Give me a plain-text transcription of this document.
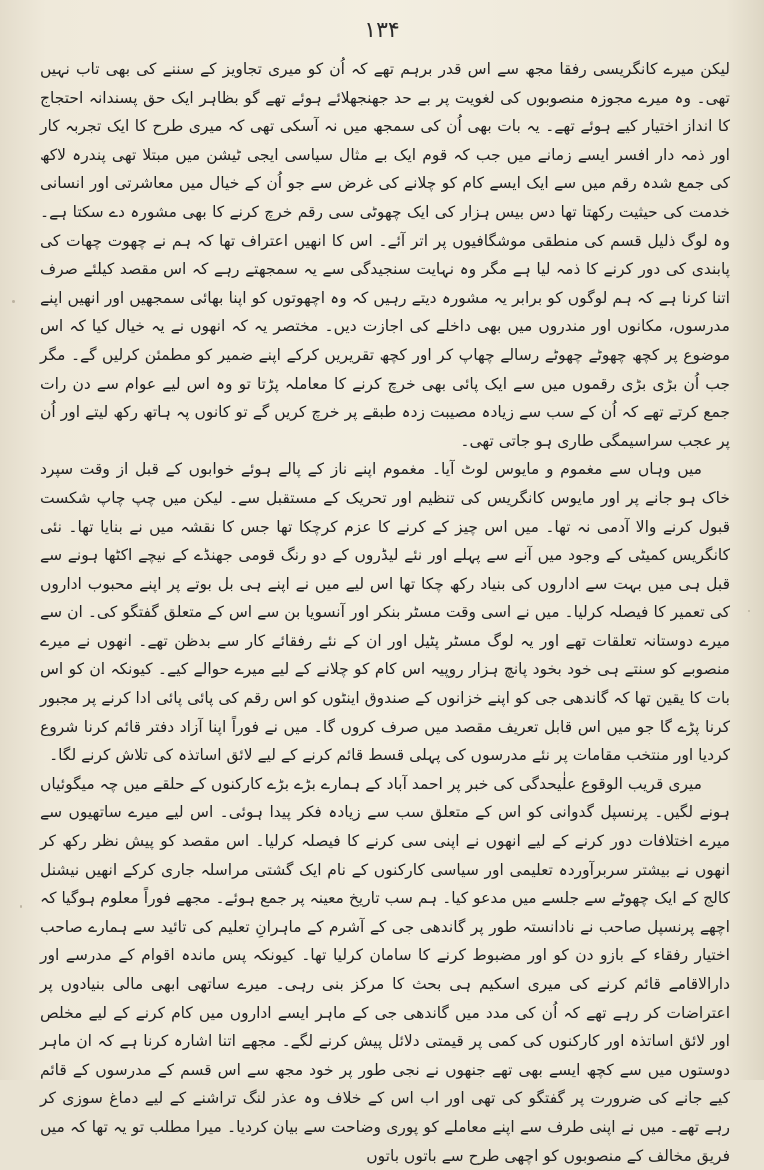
۱۳۴

لیکن میرے کانگریسی رفقا مجھ سے اس قدر برہم تھے کہ اُن کو میری تجاویز کے سننے کی بھی تاب نہیں تھی۔ وہ میرے مجوزہ منصوبوں کی لغویت پر بے حد جھنجھلائے ہوئے تھے گو بظاہر ایک حق پسندانہ احتجاج کا انداز اختیار کیے ہوئے تھے۔ یہ بات بھی اُن کی سمجھ میں نہ آسکی تھی کہ میری طرح کا ایک تجربہ کار اور ذمہ دار افسر ایسے زمانے میں جب کہ قوم ایک بے مثال سیاسی ایجی ٹیشن میں مبتلا تھی پندرہ لاکھ کی جمع شدہ رقم میں سے ایک ایسے کام کو چلانے کی غرض سے جو اُن کے خیال میں معاشرتی اور انسانی خدمت کی حیثیت رکھتا تھا دس بیس ہزار کی ایک چھوٹی سی رقم خرچ کرنے کا بھی مشورہ دے سکتا ہے۔ وہ لوگ ذلیل قسم کی منطقی موشگافیوں پر اتر آئے۔ اس کا انھیں اعتراف تھا کہ ہم نے چھوت چھات کی پابندی کی دور کرنے کا ذمہ لیا ہے مگر وہ نہایت سنجیدگی سے یہ سمجھتے رہے کہ اس مقصد کیلئے صرف اتنا کرنا ہے کہ ہم لوگوں کو برابر یہ مشورہ دیتے رہیں کہ وہ اچھوتوں کو اپنا بھائی سمجھیں اور انھیں اپنے مدرسوں، مکانوں اور مندروں میں بھی داخلے کی اجازت دیں۔ مختصر یہ کہ انھوں نے یہ خیال کیا کہ اس موضوع پر کچھ چھوٹے چھوٹے رسالے چھاپ کر اور کچھ تقریریں کرکے اپنے ضمیر کو مطمئن کرلیں گے۔ مگر جب اُن بڑی بڑی رقموں میں سے ایک پائی بھی خرچ کرنے کا معاملہ پڑتا تو وہ اس لیے عوام سے دن رات جمع کرتے تھے کہ اُن کے سب سے زیادہ مصیبت زدہ طبقے پر خرچ کریں گے تو کانوں پہ ہاتھ رکھ لیتے اور اُن پر عجب سراسیمگی طاری ہو جاتی تھی۔

میں وہاں سے مغموم و مایوس لوٹ آیا۔ مغموم اپنے ناز کے پالے ہوئے خوابوں کے قبل از وقت سپرد خاک ہو جانے پر اور مایوس کانگریس کی تنظیم اور تحریک کے مستقبل سے۔ لیکن میں چپ چاپ شکست قبول کرنے والا آدمی نہ تھا۔ میں اس چیز کے کرنے کا عزم کرچکا تھا جس کا نقشہ میں نے بنایا تھا۔ نئی کانگریس کمیٹی کے وجود میں آنے سے پہلے اور نئے لیڈروں کے دو رنگ قومی جھنڈے کے نیچے اکٹھا ہونے سے قبل ہی میں بہت سے اداروں کی بنیاد رکھ چکا تھا اس لیے میں نے اپنے ہی بل بوتے پر اپنے محبوب اداروں کی تعمیر کا فیصلہ کرلیا۔ میں نے اسی وقت مسٹر بنکر اور آنسویا بن سے اس کے متعلق گفتگو کی۔ ان سے میرے دوستانہ تعلقات تھے اور یہ لوگ مسٹر پٹیل اور ان کے نئے رفقائے کار سے بدظن تھے۔ انھوں نے میرے منصوبے کو سنتے ہی خود بخود پانچ ہزار روپیہ اس کام کو چلانے کے لیے میرے حوالے کیے۔ کیونکہ ان کو اس بات کا یقین تھا کہ گاندھی جی کو اپنے خزانوں کے صندوق اینٹوں کو اس رقم کی پائی پائی ادا کرنے پر مجبور کرنا پڑے گا جو میں اس قابل تعریف مقصد میں صرف کروں گا۔ میں نے فوراً اپنا آزاد دفتر قائم کرنا شروع کردیا اور منتخب مقامات پر نئے مدرسوں کی پہلی قسط قائم کرنے کے لیے لائق اساتذہ کی تلاش کرنے لگا۔

میری قریب الوقوع علٰیحدگی کی خبر پر احمد آباد کے ہمارے بڑے بڑے کارکنوں کے حلقے میں چہ میگوئیاں ہونے لگیں۔ پرنسپل گدوانی کو اس کے متعلق سب سے زیادہ فکر پیدا ہوئی۔ اس لیے میرے ساتھیوں سے میرے اختلافات دور کرنے کے لیے انھوں نے اپنی سی کرنے کا فیصلہ کرلیا۔ اس مقصد کو پیش نظر رکھ کر انھوں نے بیشتر سربرآوردہ تعلیمی اور سیاسی کارکنوں کے نام ایک گشتی مراسلہ جاری کرکے انھیں نیشنل کالج کے ایک چھوٹے سے جلسے میں مدعو کیا۔ ہم سب تاریخ معینہ پر جمع ہوئے۔ مجھے فوراً معلوم ہوگیا کہ اچھے پرنسپل صاحب نے نادانستہ طور پر گاندھی جی کے آشرم کے ماہرانِ تعلیم کی تائید سے ہمارے صاحب اختیار رفقاء کے بازو دن کو اور مضبوط کرنے کا سامان کرلیا تھا۔ کیونکہ پس ماندہ اقوام کے مدرسے اور دارالاقامے قائم کرنے کی میری اسکیم ہی بحث کا مرکز بنی رہی۔ میرے ساتھی ابھی مالی بنیادوں پر اعتراضات کر رہے تھے کہ اُن کی مدد میں گاندھی جی کے ماہر ایسے اداروں میں کام کرنے کے لیے مخلص اور لائق اساتذہ اور کارکنوں کی کمی پر قیمتی دلائل پیش کرنے لگے۔ مجھے اتنا اشارہ کرنا ہے کہ ان ماہر دوستوں میں سے کچھ ایسے بھی تھے جنھوں نے نجی طور پر خود مجھ سے اس قسم کے مدرسوں کے قائم کیے جانے کی ضرورت پر گفتگو کی تھی اور اب اس کے خلاف وہ عذر لنگ تراشنے کے لیے دماغ سوزی کر رہے تھے۔ میں نے اپنی طرف سے اپنے معاملے کو پوری وضاحت سے بیان کردیا۔ میرا مطلب تو یہ تھا کہ میں فریق مخالف کے منصوبوں کو اچھی طرح سے باتوں باتوں
